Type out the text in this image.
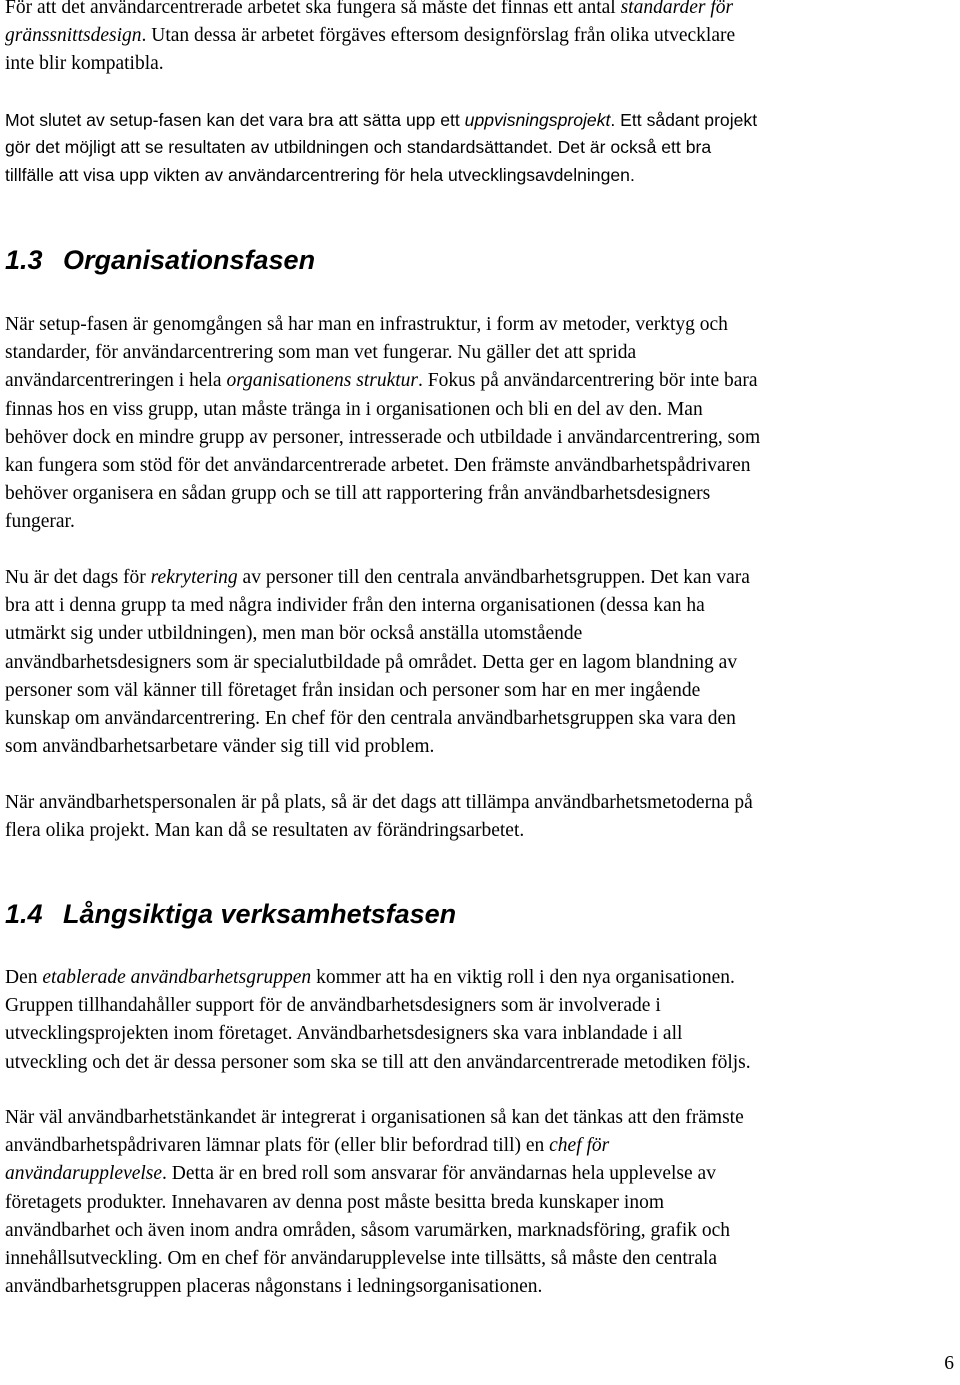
För att det användarcentrerade arbetet ska fungera så måste det finnas ett antal standarder för
gränssnittsdesign. Utan dessa är arbetet förgäves eftersom designförslag från olika utvecklare
inte blir kompatibla.
Mot slutet av setup-fasen kan det vara bra att sätta upp ett uppvisningsprojekt. Ett sådant projekt
gör det möjligt att se resultaten av utbildningen och standardsättandet. Det är också ett bra
tillfälle att visa upp vikten av användarcentrering för hela utvecklingsavdelningen.
1.3 Organisationsfasen
När setup-fasen är genomgången så har man en infrastruktur, i form av metoder, verktyg och
standarder, för användarcentrering som man vet fungerar. Nu gäller det att sprida
användarcentreringen i hela organisationens struktur. Fokus på användarcentrering bör inte bara
finnas hos en viss grupp, utan måste tränga in i organisationen och bli en del av den. Man
behöver dock en mindre grupp av personer, intresserade och utbildade i användarcentrering, som
kan fungera som stöd för det användarcentrerade arbetet. Den främste användbarhetspådrivaren
behöver organisera en sådan grupp och se till att rapportering från användbarhetsdesigners
fungerar.
Nu är det dags för rekrytering av personer till den centrala användbarhetsgruppen. Det kan vara
bra att i denna grupp ta med några individer från den interna organisationen (dessa kan ha
utmärkt sig under utbildningen), men man bör också anställa utomstående
användbarhetsdesigners som är specialutbildade på området. Detta ger en lagom blandning av
personer som väl känner till företaget från insidan och personer som har en mer ingående
kunskap om användarcentrering. En chef för den centrala användbarhetsgruppen ska vara den
som användbarhetsarbetare vänder sig till vid problem.
När användbarhetspersonalen är på plats, så är det dags att tillämpa användbarhetsmetoderna på
flera olika projekt. Man kan då se resultaten av förändringsarbetet.
1.4 Långsiktiga verksamhetsfasen
Den etablerade användbarhetsgruppen kommer att ha en viktig roll i den nya organisationen.
Gruppen tillhandahåller support för de användbarhetsdesigners som är involverade i
utvecklingsprojekten inom företaget. Användbarhetsdesigners ska vara inblandade i all
utveckling och det är dessa personer som ska se till att den användarcentrerade metodiken följs.
När väl användbarhetstänkandet är integrerat i organisationen så kan det tänkas att den främste
användbarhetspådrivaren lämnar plats för (eller blir befordrad till) en chef för
användarupplevelse. Detta är en bred roll som ansvarar för användarnas hela upplevelse av
företagets produkter. Innehavaren av denna post måste besitta breda kunskaper inom
användbarhet och även inom andra områden, såsom varumärken, marknadsföring, grafik och
innehållsutveckling. Om en chef för användarupplevelse inte tillsätts, så måste den centrala
användbarhetsgruppen placeras någonstans i ledningsorganisationen.
6
